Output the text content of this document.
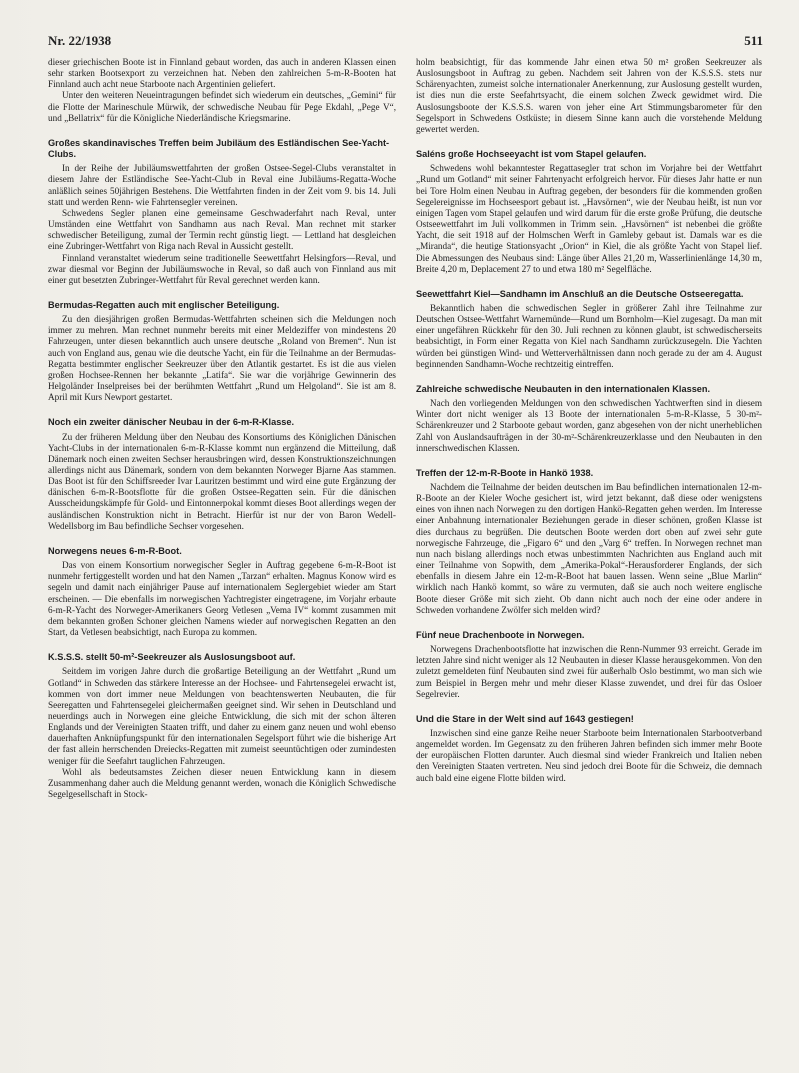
Nr. 22/1938	511

dieser griechischen Boote ist in Finnland gebaut worden, das auch in anderen Klassen einen sehr starken Bootsexport zu verzeichnen hat. Neben den zahlreichen 5-m-R-Booten hat Finnland auch acht neue Starboote nach Argentinien geliefert.

Unter den weiteren Neueintragungen befindet sich wiederum ein deutsches, „Gemini“ für die Flotte der Marineschule Mürwik, der schwedische Neubau für Pege Ekdahl, „Pege V“, und „Bellatrix“ für die Königliche Niederländische Kriegsmarine.

Großes skandinavisches Treffen beim Jubiläum des Estländischen See-Yacht-Clubs.

In der Reihe der Jubiläumswettfahrten der großen Ostsee-Segel-Clubs veranstaltet in diesem Jahre der Estländische See-Yacht-Club in Reval eine Jubiläums-Regatta-Woche anläßlich seines 50jährigen Bestehens. Die Wettfahrten finden in der Zeit vom 9. bis 14. Juli statt und werden Renn- wie Fahrtensegler vereinen.

Schwedens Segler planen eine gemeinsame Geschwaderfahrt nach Reval, unter Umständen eine Wettfahrt von Sandhamn aus nach Reval. Man rechnet mit starker schwedischer Beteiligung, zumal der Termin recht günstig liegt. — Lettland hat desgleichen eine Zubringer-Wettfahrt von Riga nach Reval in Aussicht gestellt.

Finnland veranstaltet wiederum seine traditionelle Seewettfahrt Helsingfors—Reval, und zwar diesmal vor Beginn der Jubiläumswoche in Reval, so daß auch von Finnland aus mit einer gut besetzten Zubringer-Wettfahrt für Reval gerechnet werden kann.

Bermudas-Regatten auch mit englischer Beteiligung.

Zu den diesjährigen großen Bermudas-Wettfahrten scheinen sich die Meldungen noch immer zu mehren. Man rechnet nunmehr bereits mit einer Meldeziffer von mindestens 20 Fahrzeugen, unter diesen bekanntlich auch unsere deutsche „Roland von Bremen“. Nun ist auch von England aus, genau wie die deutsche Yacht, ein für die Teilnahme an der Bermudas-Regatta bestimmter englischer Seekreuzer über den Atlantik gestartet. Es ist die aus vielen großen Hochsee-Rennen her bekannte „Latifa“. Sie war die vorjährige Gewinnerin des Helgoländer Inselpreises bei der berühmten Wettfahrt „Rund um Helgoland“. Sie ist am 8. April mit Kurs Newport gestartet.

Noch ein zweiter dänischer Neubau in der 6-m-R-Klasse.

Zu der früheren Meldung über den Neubau des Konsortiums des Königlichen Dänischen Yacht-Clubs in der internationalen 6-m-R-Klasse kommt nun ergänzend die Mitteilung, daß Dänemark noch einen zweiten Sechser herausbringen wird, dessen Konstruktionszeichnungen allerdings nicht aus Dänemark, sondern von dem bekannten Norweger Bjarne Aas stammen. Das Boot ist für den Schiffsreeder Ivar Lauritzen bestimmt und wird eine gute Ergänzung der dänischen 6-m-R-Bootsflotte für die großen Ostsee-Regatten sein. Für die dänischen Ausscheidungskämpfe für Gold- und Eintonnerpokal kommt dieses Boot allerdings wegen der ausländischen Konstruktion nicht in Betracht. Hierfür ist nur der von Baron Wedell-Wedellsborg im Bau befindliche Sechser vorgesehen.

Norwegens neues 6-m-R-Boot.

Das von einem Konsortium norwegischer Segler in Auftrag gegebene 6-m-R-Boot ist nunmehr fertiggestellt worden und hat den Namen „Tarzan“ erhalten. Magnus Konow wird es segeln und damit nach einjähriger Pause auf internationalem Seglergebiet wieder am Start erscheinen. — Die ebenfalls im norwegischen Yachtregister eingetragene, im Vorjahr erbaute 6-m-R-Yacht des Norweger-Amerikaners Georg Vetlesen „Vema IV“ kommt zusammen mit dem bekannten großen Schoner gleichen Namens wieder auf norwegischen Regatten an den Start, da Vetlesen beabsichtigt, nach Europa zu kommen.

K.S.S.S. stellt 50-m²-Seekreuzer als Auslosungsboot auf.

Seitdem im vorigen Jahre durch die großartige Beteiligung an der Wettfahrt „Rund um Gotland“ in Schweden das stärkere Interesse an der Hochsee- und Fahrtensegelei erwacht ist, kommen von dort immer neue Meldungen von beachtenswerten Neubauten, die für Seeregatten und Fahrtensegelei gleichermaßen geeignet sind. Wir sehen in Deutschland und neuerdings auch in Norwegen eine gleiche Entwicklung, die sich mit der schon älteren Englands und der Vereinigten Staaten trifft, und daher zu einem ganz neuen und wohl ebenso dauerhaften Anknüpfungspunkt für den internationalen Segelsport führt wie die bisherige Art der fast allein herrschenden Dreiecks-Regatten mit zumeist seeuntüchtigen oder zumindesten weniger für die Seefahrt tauglichen Fahrzeugen.

Wohl als bedeutsamstes Zeichen dieser neuen Entwicklung kann in diesem Zusammenhang daher auch die Meldung genannt werden, wonach die Königlich Schwedische Segelgesellschaft in Stock-

holm beabsichtigt, für das kommende Jahr einen etwa 50 m² großen Seekreuzer als Auslosungsboot in Auftrag zu geben. Nachdem seit Jahren von der K.S.S.S. stets nur Schärenyachten, zumeist solche internationaler Anerkennung, zur Auslosung gestellt wurden, ist dies nun die erste Seefahrtsyacht, die einem solchen Zweck gewidmet wird. Die Auslosungsboote der K.S.S.S. waren von jeher eine Art Stimmungsbarometer für den Segelsport in Schwedens Ostküste; in diesem Sinne kann auch die vorstehende Meldung gewertet werden.

Saléns große Hochseeyacht ist vom Stapel gelaufen.

Schwedens wohl bekanntester Regattasegler trat schon im Vorjahre bei der Wettfahrt „Rund um Gotland“ mit seiner Fahrtenyacht erfolgreich hervor. Für dieses Jahr hatte er nun bei Tore Holm einen Neubau in Auftrag gegeben, der besonders für die kommenden großen Segelereignisse im Hochseesport gebaut ist. „Havsörnen“, wie der Neubau heißt, ist nun vor einigen Tagen vom Stapel gelaufen und wird darum für die erste große Prüfung, die deutsche Ostseewettfahrt im Juli vollkommen in Trimm sein. „Havsörnen“ ist nebenbei die größte Yacht, die seit 1918 auf der Holmschen Werft in Gamleby gebaut ist. Damals war es die „Miranda“, die heutige Stationsyacht „Orion“ in Kiel, die als größte Yacht von Stapel lief. Die Abmessungen des Neubaus sind: Länge über Alles 21,20 m, Wasserlinienlänge 14,30 m, Breite 4,20 m, Deplacement 27 to und etwa 180 m² Segelfläche.

Seewettfahrt Kiel—Sandhamn im Anschluß an die Deutsche Ostseeregatta.

Bekanntlich haben die schwedischen Segler in größerer Zahl ihre Teilnahme zur Deutschen Ostsee-Wettfahrt Warnemünde—Rund um Bornholm—Kiel zugesagt. Da man mit einer ungefähren Rückkehr für den 30. Juli rechnen zu können glaubt, ist schwedischerseits beabsichtigt, in Form einer Regatta von Kiel nach Sandhamn zurückzusegeln. Die Yachten würden bei günstigen Wind- und Wetterverhältnissen dann noch gerade zu der am 4. August beginnenden Sandhamn-Woche rechtzeitig eintreffen.

Zahlreiche schwedische Neubauten in den internationalen Klassen.

Nach den vorliegenden Meldungen von den schwedischen Yachtwerften sind in diesem Winter dort nicht weniger als 13 Boote der internationalen 5-m-R-Klasse, 5 30-m²-Schärenkreuzer und 2 Starboote gebaut worden, ganz abgesehen von der nicht unerheblichen Zahl von Auslandsaufträgen in der 30-m²-Schärenkreuzerklasse und den Neubauten in den innerschwedischen Klassen.

Treffen der 12-m-R-Boote in Hankö 1938.

Nachdem die Teilnahme der beiden deutschen im Bau befindlichen internationalen 12-m-R-Boote an der Kieler Woche gesichert ist, wird jetzt bekannt, daß diese oder wenigstens eines von ihnen nach Norwegen zu den dortigen Hankö-Regatten gehen werden. Im Interesse einer Anbahnung internationaler Beziehungen gerade in dieser schönen, großen Klasse ist dies durchaus zu begrüßen. Die deutschen Boote werden dort oben auf zwei sehr gute norwegische Fahrzeuge, die „Figaro 6“ und den „Varg 6“ treffen. In Norwegen rechnet man nun nach bislang allerdings noch etwas unbestimmten Nachrichten aus England auch mit einer Teilnahme von Sopwith, dem „Amerika-Pokal“-Herausforderer Englands, der sich ebenfalls in diesem Jahre ein 12-m-R-Boot hat bauen lassen. Wenn seine „Blue Marlin“ wirklich nach Hankö kommt, so wäre zu vermuten, daß sie auch noch weitere englische Boote dieser Größe mit sich zieht. Ob dann nicht auch noch der eine oder andere in Schweden vorhandene Zwölfer sich melden wird?

Fünf neue Drachenboote in Norwegen.

Norwegens Drachenbootsflotte hat inzwischen die Renn-Nummer 93 erreicht. Gerade im letzten Jahre sind nicht weniger als 12 Neubauten in dieser Klasse herausgekommen. Von den zuletzt gemeldeten fünf Neubauten sind zwei für außerhalb Oslo bestimmt, wo man sich wie zum Beispiel in Bergen mehr und mehr dieser Klasse zuwendet, und drei für das Osloer Segelrevier.

Und die Stare in der Welt sind auf 1643 gestiegen!

Inzwischen sind eine ganze Reihe neuer Starboote beim Internationalen Starbootverband angemeldet worden. Im Gegensatz zu den früheren Jahren befinden sich immer mehr Boote der europäischen Flotten darunter. Auch diesmal sind wieder Frankreich und Italien neben den Vereinigten Staaten vertreten. Neu sind jedoch drei Boote für die Schweiz, die demnach auch bald eine eigene Flotte bilden wird.
